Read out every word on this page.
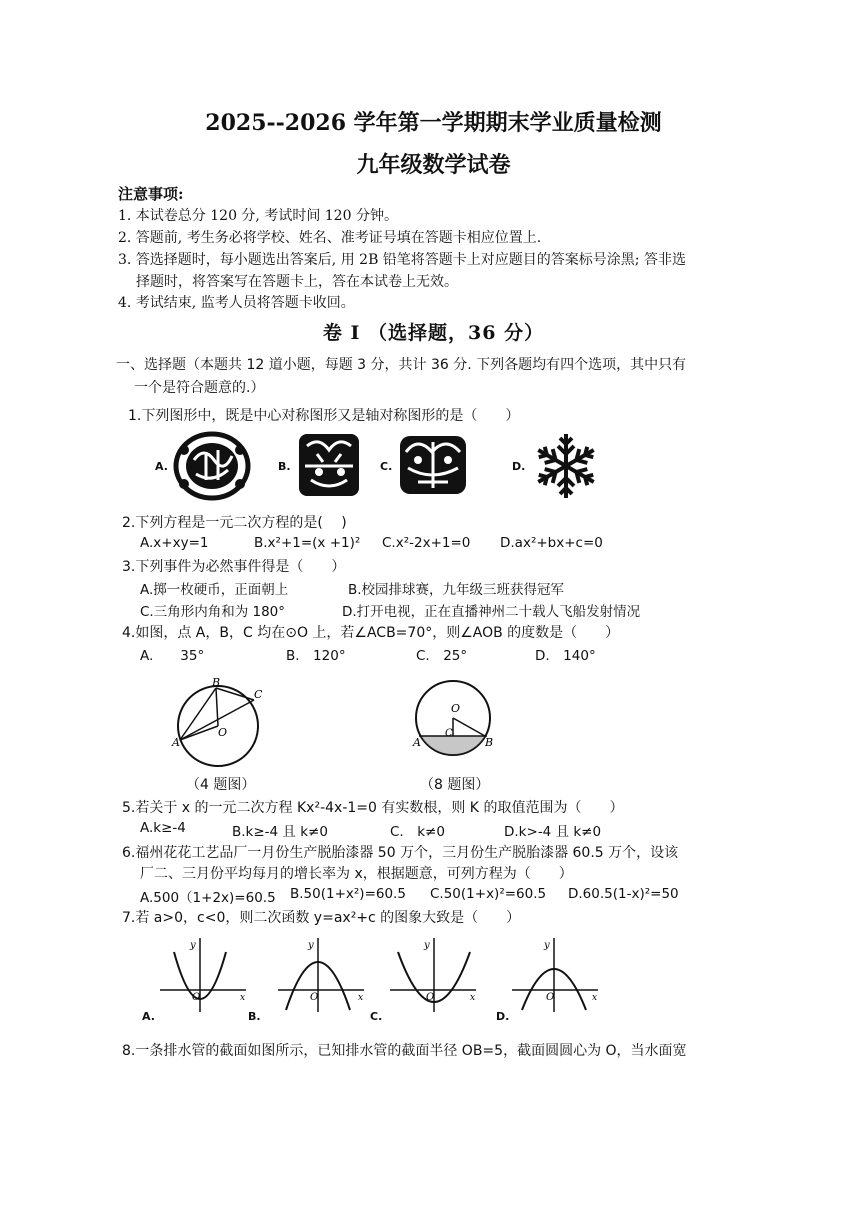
2025--2026 学年第一学期期末学业质量检测
九年级数学试卷
注意事项:
1. 本试卷总分 120 分, 考试时间 120 分钟。
2. 答题前, 考生务必将学校、姓名、准考证号填在答题卡相应位置上.
3. 答选择题时，每小题选出答案后, 用 2B 铅笔将答题卡上对应题目的答案标号涂黑; 答非选
择题时，将答案写在答题卡上，答在本试卷上无效。
4. 考试结束, 监考人员将答题卡收回。
卷 Ⅰ （选择题，36 分）
一、选择题（本题共 12 道小题，每题 3 分，共计 36 分. 下列各题均有四个选项，其中只有
一个是符合题意的.）
1.下列图形中，既是中心对称图形又是轴对称图形的是（　　）
A.	B.	C.	D.
2.下列方程是一元二次方程的是(　 )
A.x+xy=1	B.x²+1=(x +1)² C.x²-2x+1=0 D.ax²+bx+c=0
3.下列事件为必然事件得是（　　）
A.掷一枚硬币，正面朝上	B.校园排球赛，九年级三班获得冠军
C.三角形内角和为 180°	D.打开电视，正在直播神州二十载人飞船发射情况
4.如图，点 A，B，C 均在⊙O 上，若∠ACB=70°，则∠AOB 的度数是（　　）
A.　　35°	B.　120°	C.　25°	D.　140°
B
C
A
O
（4 题图）
O
A	B
C
（8 题图）
5.若关于 x 的一元二次方程 Kx²-4x-1=0 有实数根，则 K 的取值范围为（　　）
A.k≥-4	B.k≥-4 且 k≠0	C.　k≠0	D.k>-4 且 k≠0
6.福州花花工艺品厂一月份生产脱胎漆器 50 万个，三月份生产脱胎漆器 60.5 万个，设该
厂二、三月份平均每月的增长率为 x，根据题意，可列方程为（　　）
A.500（1+2x)=60.5 B.50(1+x²)=60.5 C.50(1+x)²=60.5 D.60.5(1-x)²=50
7.若 a>0，c<0，则二次函数 y=ax²+c 的图象大致是（　　）
y
x
O
y
x
O
y
x
O
y
x
O
A.	B.	C.	D.
8.一条排水管的截面如图所示，已知排水管的截面半径 OB=5，截面圆圆心为 O，当水面宽
